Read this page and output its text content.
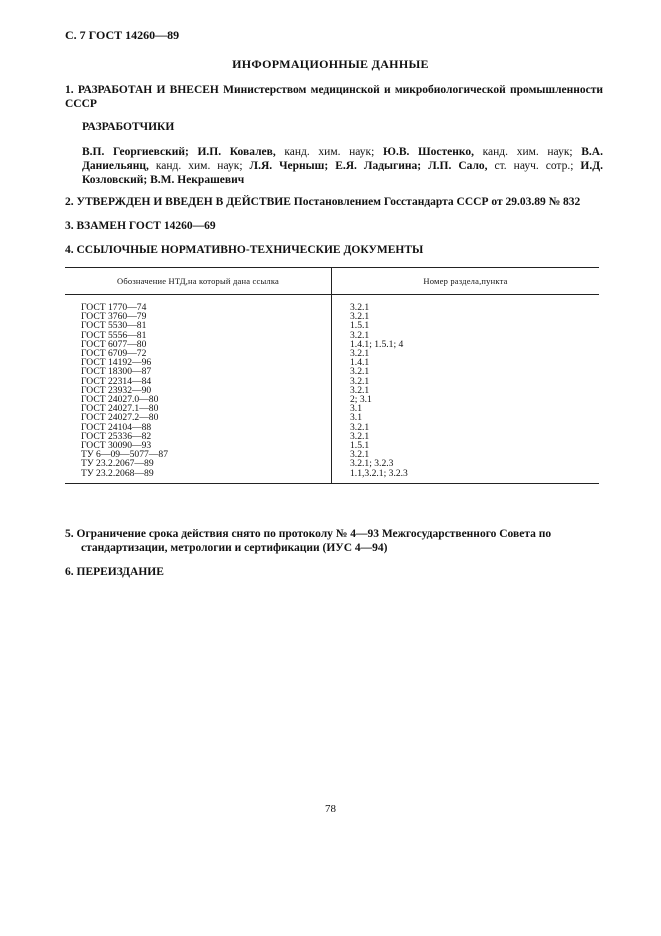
С. 7 ГОСТ 14260—89
ИНФОРМАЦИОННЫЕ ДАННЫЕ
1. РАЗРАБОТАН И ВНЕСЕН Министерством медицинской и микробиологической промышленности СССР
РАЗРАБОТЧИКИ
В.П. Георгиевский; И.П. Ковалев, канд. хим. наук; Ю.В. Шостенко, канд. хим. наук; В.А. Даниельянц, канд. хим. наук; Л.Я. Черныш; Е.Я. Ладыгина; Л.П. Сало, ст. науч. сотр.; И.Д. Козловский; В.М. Некрашевич
2. УТВЕРЖДЕН И ВВЕДЕН В ДЕЙСТВИЕ Постановлением Госстандарта СССР от 29.03.89 № 832
3. ВЗАМЕН ГОСТ 14260—69
4. ССЫЛОЧНЫЕ НОРМАТИВНО-ТЕХНИЧЕСКИЕ ДОКУМЕНТЫ
Обозначение НТД,на который дана ссылка	Номер раздела,пункта
ГОСТ 1770—74	3.2.1
ГОСТ 3760—79	3.2.1
ГОСТ 5530—81	1.5.1
ГОСТ 5556—81	3.2.1
ГОСТ 6077—80	1.4.1; 1.5.1; 4
ГОСТ 6709—72	3.2.1
ГОСТ 14192—96	1.4.1
ГОСТ 18300—87	3.2.1
ГОСТ 22314—84	3.2.1
ГОСТ 23932—90	3.2.1
ГОСТ 24027.0—80	2; 3.1
ГОСТ 24027.1—80	3.1
ГОСТ 24027.2—80	3.1
ГОСТ 24104—88	3.2.1
ГОСТ 25336—82	3.2.1
ГОСТ 30090—93	1.5.1
ТУ 6—09—5077—87	3.2.1
ТУ 23.2.2067—89	3.2.1; 3.2.3
ТУ 23.2.2068—89	1.1,3.2.1; 3.2.3
5. Ограничение срока действия снято по протоколу № 4—93 Межгосударственного Совета по
стандартизации, метрологии и сертификации (ИУС 4—94)
6. ПЕРЕИЗДАНИЕ
78
